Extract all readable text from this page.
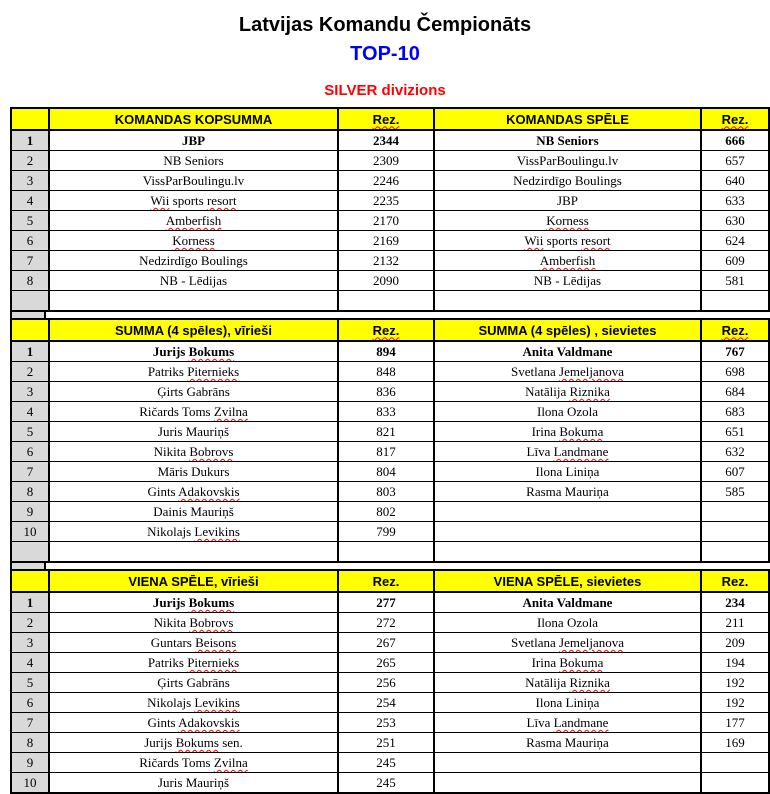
Latvijas Komandu Čempionāts
TOP-10
SILVER divizions
	KOMANDAS KOPSUMMA	Rez.	KOMANDAS SPĒLE	Rez.
1	JBP	2344	NB Seniors	666
2	NB Seniors	2309	VissParBoulingu.lv	657
3	VissParBoulingu.lv	2246	Nedzirdīgo Boulings	640
4	Wii sports resort	2235	JBP	633
5	Amberfish	2170	Korness	630
6	Korness	2169	Wii sports resort	624
7	Nedzirdīgo Boulings	2132	Amberfish	609
8	NB - Lēdijas	2090	NB - Lēdijas	581

	SUMMA (4 spēles), vīrieši	Rez.	SUMMA (4 spēles) , sievietes	Rez.
1	Jurijs Bokums	894	Anita Valdmane	767
2	Patriks Piternieks	848	Svetlana Jemeljanova	698
3	Ģirts Gabrāns	836	Natālija Riznika	684
4	Ričards Toms Zvilna	833	Ilona Ozola	683
5	Juris Mauriņš	821	Irina Bokuma	651
6	Nikita Bobrovs	817	Līva Landmane	632
7	Māris Dukurs	804	Ilona Liniņa	607
8	Gints Adakovskis	803	Rasma Mauriņa	585
9	Dainis Mauriņš	802		
10	Nikolajs Levikins	799		

	VIENA SPĒLE, vīrieši	Rez.	VIENA SPĒLE, sievietes	Rez.
1	Jurijs Bokums	277	Anita Valdmane	234
2	Nikita Bobrovs	272	Ilona Ozola	211
3	Guntars Beisons	267	Svetlana Jemeljanova	209
4	Patriks Piternieks	265	Irina Bokuma	194
5	Ģirts Gabrāns	256	Natālija Riznika	192
6	Nikolajs Levikins	254	Ilona Liniņa	192
7	Gints Adakovskis	253	Līva Landmane	177
8	Jurijs Bokums sen.	251	Rasma Mauriņa	169
9	Ričards Toms Zvilna	245		
10	Juris Mauriņš	245		
